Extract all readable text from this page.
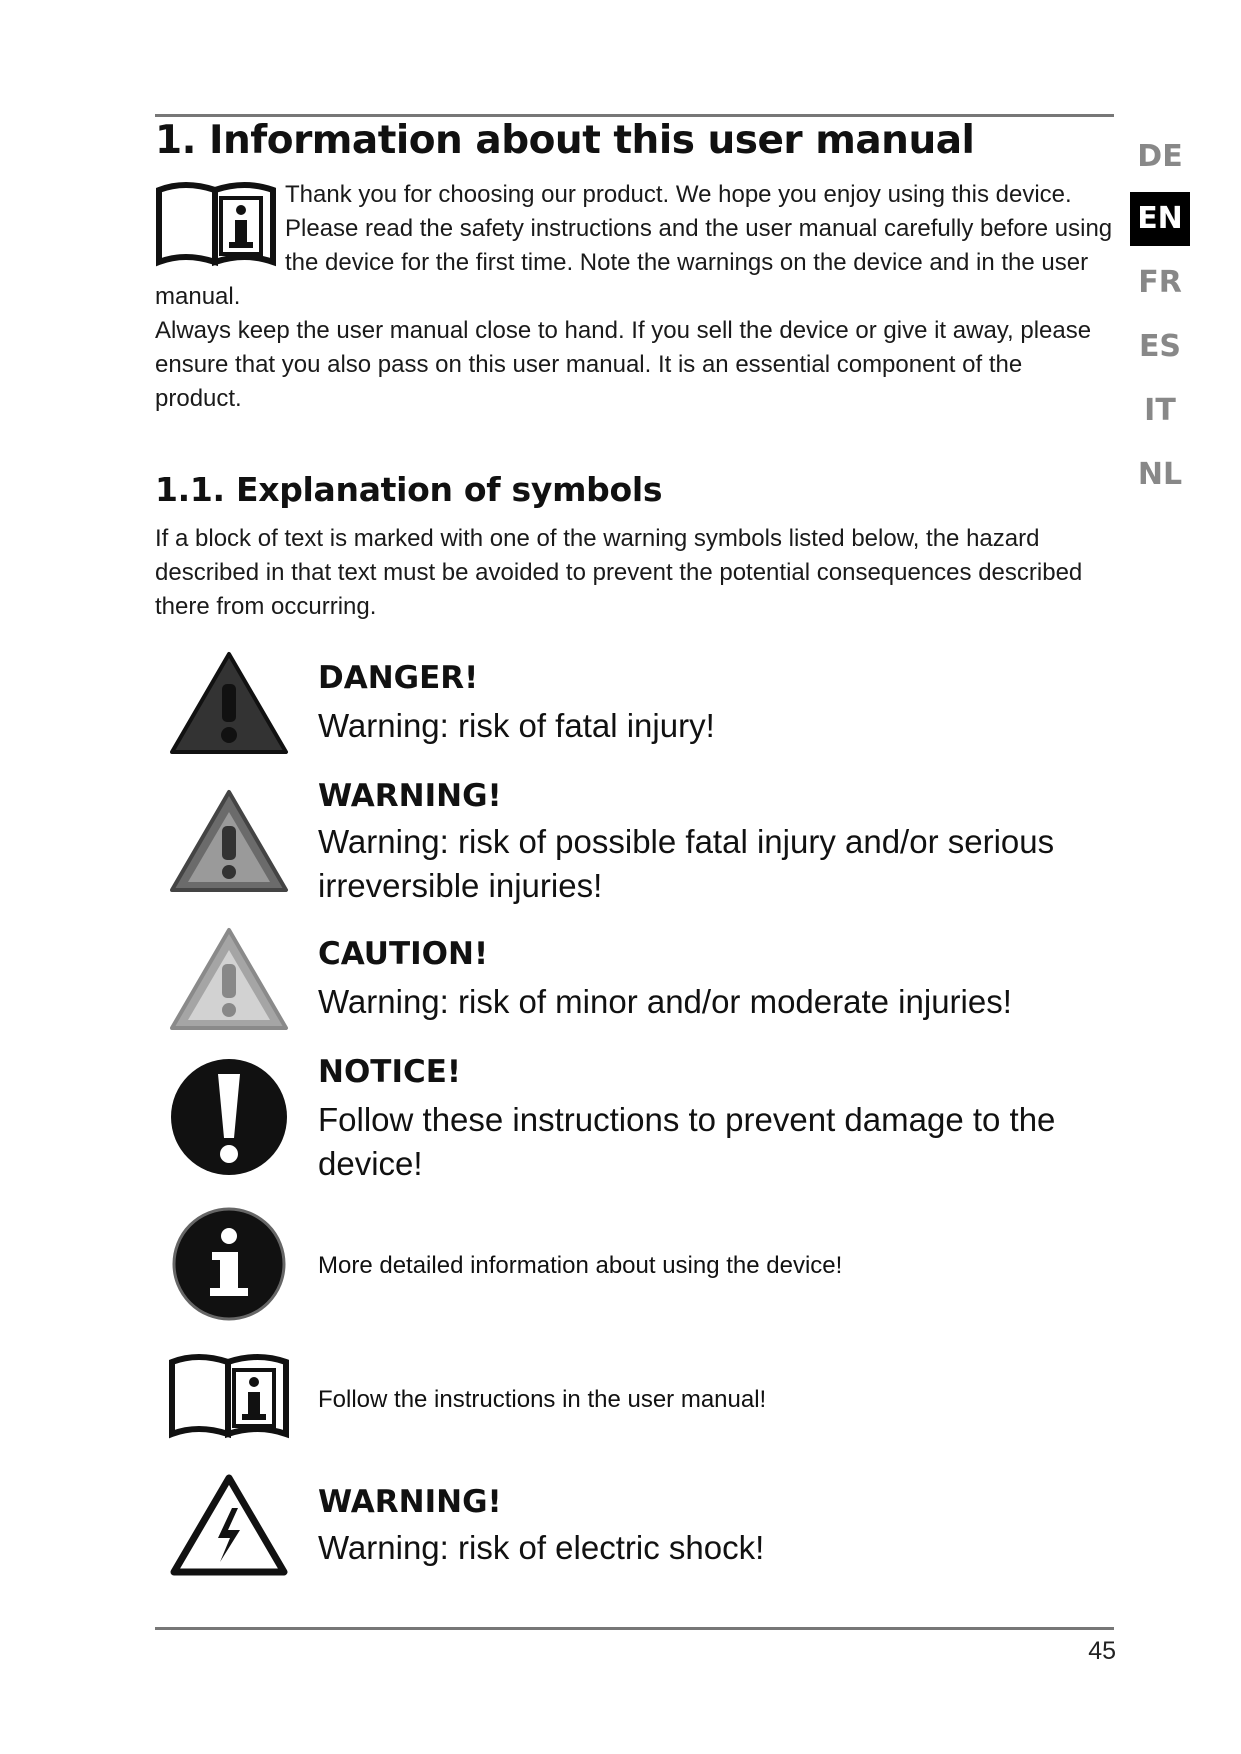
1. Information about this user manual

Thank you for choosing our product. We hope you enjoy using this device.

Please read the safety instructions and the user manual carefully before using the device for the first time. Note the warnings on the device and in the user manual.

Always keep the user manual close to hand. If you sell the device or give it away, please ensure that you also pass on this user manual. It is an essential component of the product.

1.1. Explanation of symbols

If a block of text is marked with one of the warning symbols listed below, the hazard described in that text must be avoided to prevent the potential consequences described there from occurring.

DE
EN
FR
ES
IT
NL

DANGER!

Warning: risk of fatal injury!

WARNING!

Warning: risk of possible fatal injury and/or serious irreversible injuries!

CAUTION!

Warning: risk of minor and/or moderate injuries!

NOTICE!

Follow these instructions to prevent damage to the device!

More detailed information about using the device!

Follow the instructions in the user manual!

WARNING!

Warning: risk of electric shock!

45
